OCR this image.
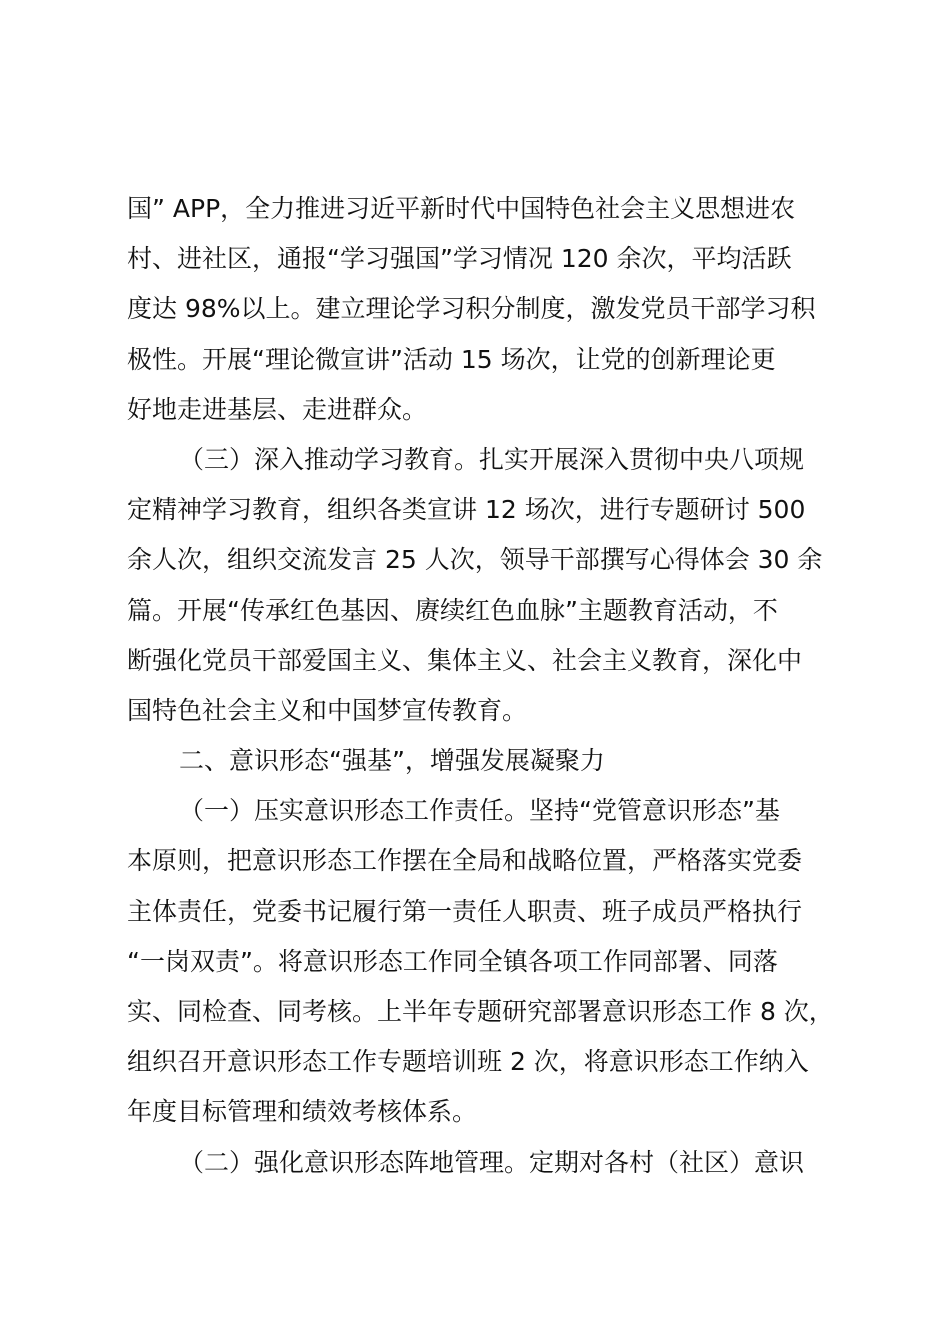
国” APP，全力推进习近平新时代中国特色社会主义思想进农
村、进社区，通报“学习强国”学习情况 120 余次，平均活跃
度达 98%以上。建立理论学习积分制度，激发党员干部学习积
极性。开展“理论微宣讲”活动 15 场次，让党的创新理论更
好地走进基层、走进群众。
（三）深入推动学习教育。扎实开展深入贯彻中央八项规
定精神学习教育，组织各类宣讲 12 场次，进行专题研讨 500
余人次，组织交流发言 25 人次，领导干部撰写心得体会 30 余
篇。开展“传承红色基因、赓续红色血脉”主题教育活动，不
断强化党员干部爱国主义、集体主义、社会主义教育，深化中
国特色社会主义和中国梦宣传教育。
二、意识形态“强基”，增强发展凝聚力
（一）压实意识形态工作责任。坚持“党管意识形态”基
本原则，把意识形态工作摆在全局和战略位置，严格落实党委
主体责任，党委书记履行第一责任人职责、班子成员严格执行
“一岗双责”。将意识形态工作同全镇各项工作同部署、同落
实、同检查、同考核。上半年专题研究部署意识形态工作 8 次，
组织召开意识形态工作专题培训班 2 次，将意识形态工作纳入
年度目标管理和绩效考核体系。
（二）强化意识形态阵地管理。定期对各村（社区）意识
